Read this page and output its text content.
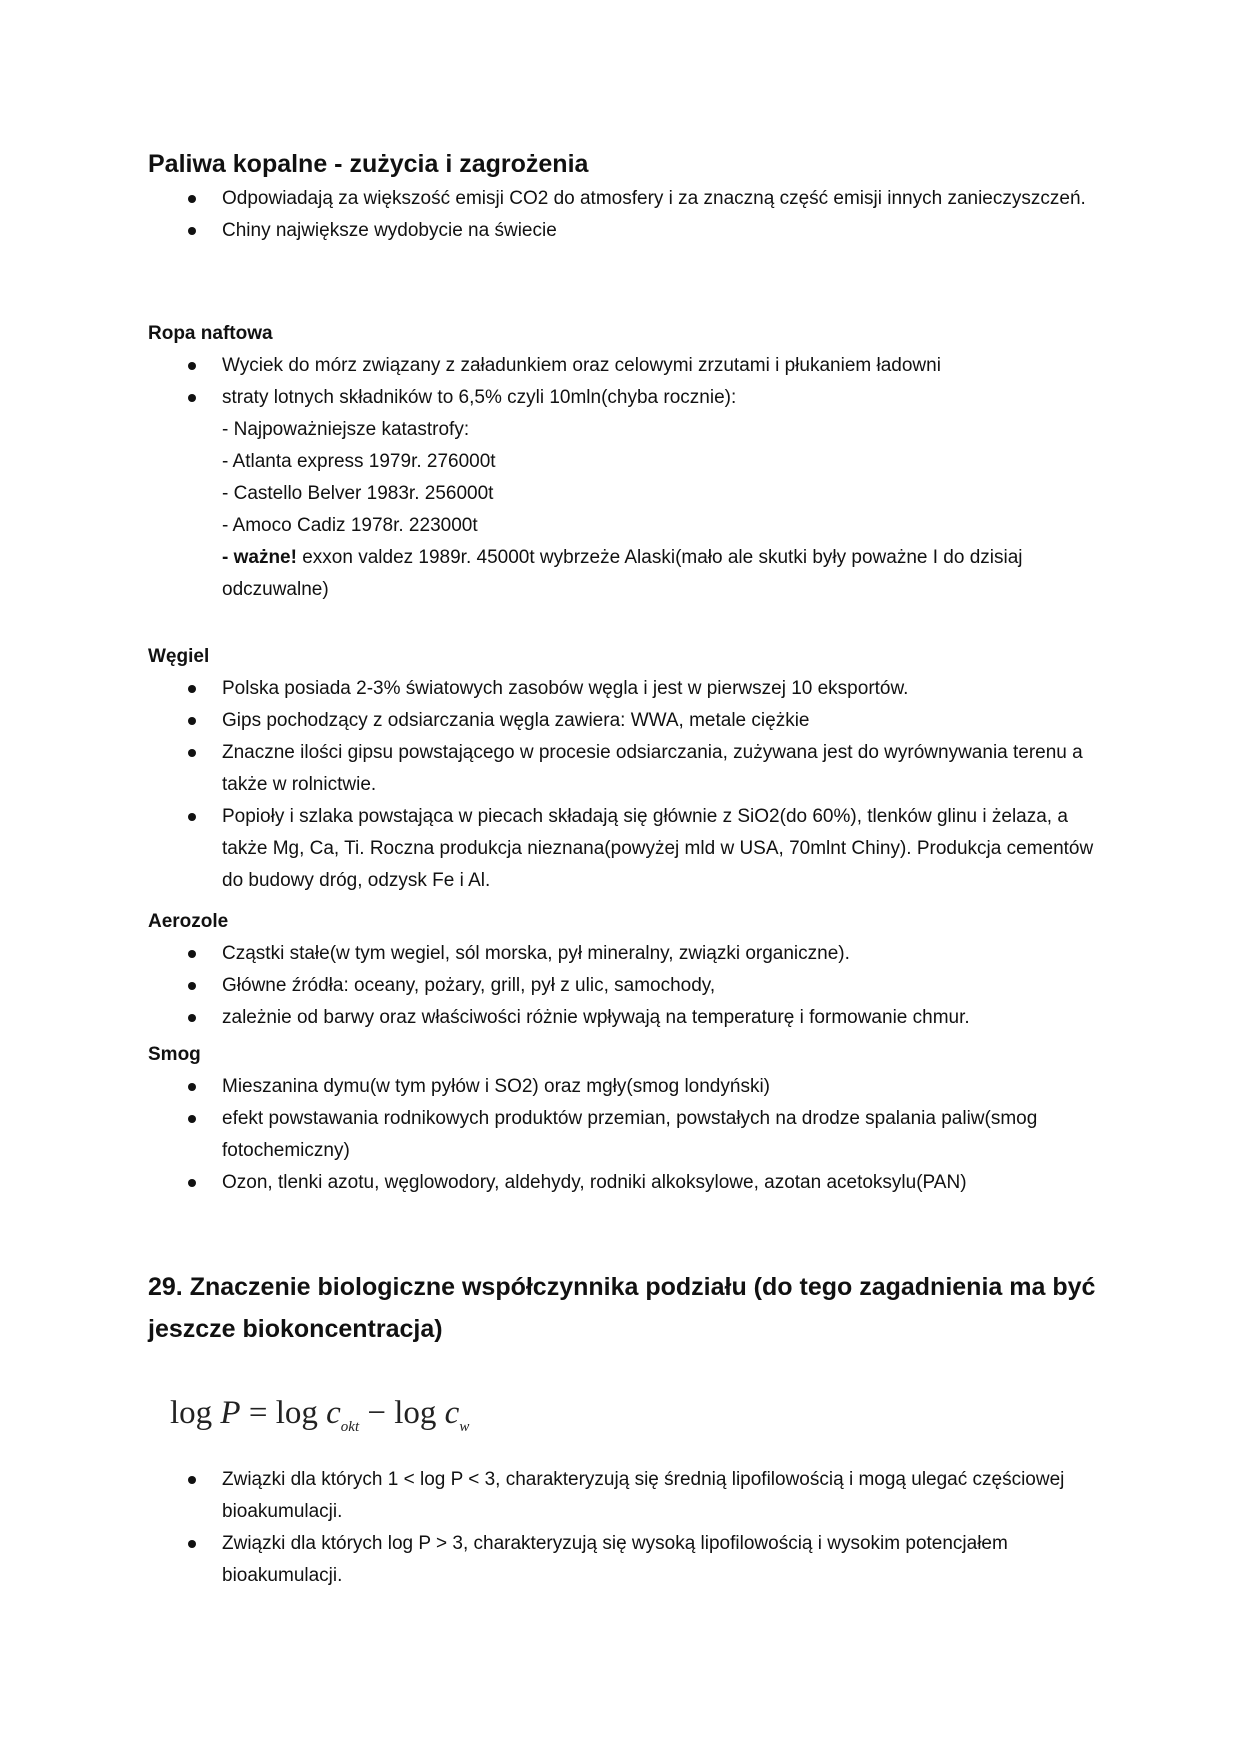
Paliwa kopalne - zużycia i zagrożenia
Odpowiadają za większość emisji CO2 do atmosfery i za znaczną część emisji innych zanieczyszczeń.
Chiny największe wydobycie na świecie
Ropa naftowa
Wyciek do mórz związany z załadunkiem oraz celowymi zrzutami i płukaniem ładowni
straty lotnych składników to 6,5% czyli 10mln(chyba rocznie):
- Najpoważniejsze katastrofy:
- Atlanta express 1979r. 276000t
- Castello Belver 1983r. 256000t
- Amoco Cadiz 1978r. 223000t
- ważne! exxon valdez 1989r. 45000t wybrzeże Alaski(mało ale skutki były poważne I do dzisiaj odczuwalne)
Węgiel
Polska posiada 2-3% światowych zasobów węgla i jest w pierwszej 10 eksportów.
Gips pochodzący z odsiarczania węgla zawiera: WWA, metale ciężkie
Znaczne ilości gipsu powstającego w procesie odsiarczania, zużywana jest do wyrównywania terenu a także w rolnictwie.
Popioły i szlaka powstająca w piecach składają się głównie z SiO2(do 60%), tlenków glinu i żelaza, a także Mg, Ca, Ti. Roczna produkcja nieznana(powyżej mld w USA, 70mlnt Chiny). Produkcja cementów do budowy dróg, odzysk Fe i Al.
Aerozole
Cząstki stałe(w tym wegiel, sól morska, pył mineralny, związki organiczne).
Główne źródła: oceany, pożary, grill, pył z ulic, samochody,
zależnie od barwy oraz właściwości różnie wpływają na temperaturę i formowanie chmur.
Smog
Mieszanina dymu(w tym pyłów i SO2) oraz mgły(smog londyński)
efekt powstawania rodnikowych produktów przemian, powstałych na drodze spalania paliw(smog fotochemiczny)
Ozon, tlenki azotu, węglowodory, aldehydy, rodniki alkoksylowe, azotan acetoksylu(PAN)
29. Znaczenie biologiczne współczynnika podziału (do tego zagadnienia ma być jeszcze biokoncentracja)
$\log P = \log c_{okt} - \log c_w$
Związki dla których 1 < log P < 3, charakteryzują się średnią lipofilowością i mogą ulegać częściowej bioakumulacji.
Związki dla których log P > 3, charakteryzują się wysoką lipofilowością i wysokim potencjałem bioakumulacji.
